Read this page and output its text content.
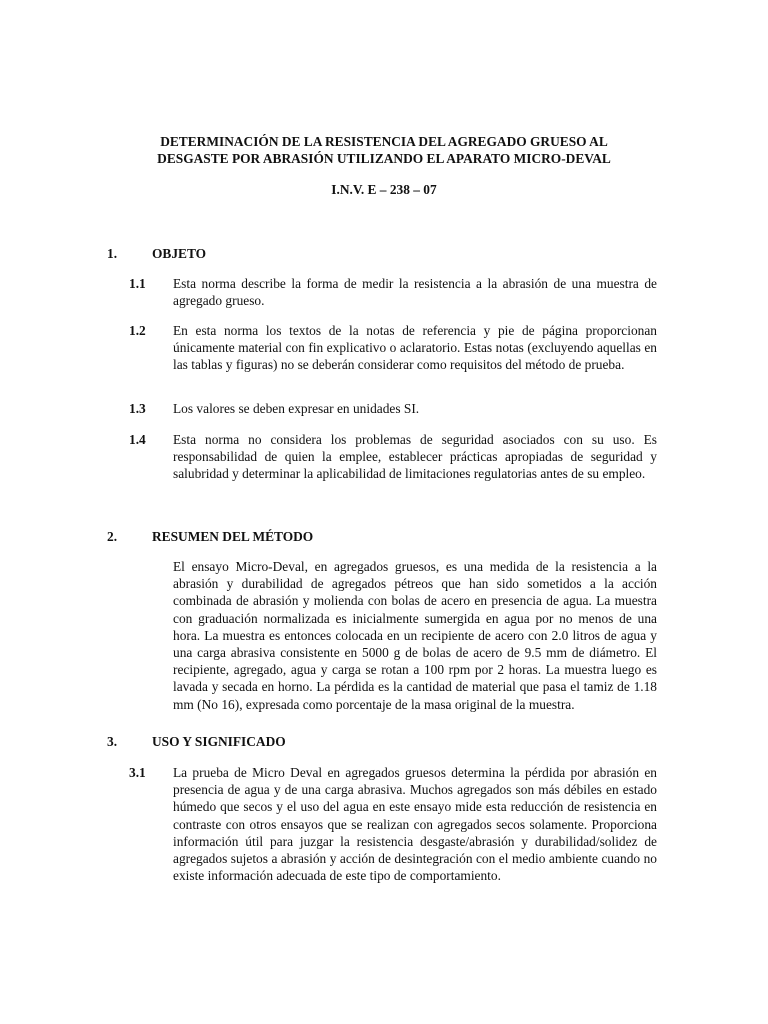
DETERMINACIÓN DE LA RESISTENCIA DEL AGREGADO GRUESO AL
DESGASTE POR ABRASIÓN UTILIZANDO EL APARATO MICRO-DEVAL
I.N.V. E – 238 – 07
1.	OBJETO
1.1 Esta norma describe la forma de medir la resistencia a la abrasión de una muestra de agregado grueso.
1.2 En esta norma los textos de la notas de referencia y pie de página proporcionan únicamente material con fin explicativo o aclaratorio. Estas notas (excluyendo aquellas en las tablas y figuras) no se deberán considerar como requisitos del método de prueba.
1.3 Los valores se deben expresar en unidades SI.
1.4 Esta norma no considera los problemas de seguridad asociados con su uso. Es responsabilidad de quien la emplee, establecer prácticas apropiadas de seguridad y salubridad y determinar la aplicabilidad de limitaciones regulatorias antes de su empleo.
2.	RESUMEN DEL MÉTODO
El ensayo Micro-Deval, en agregados gruesos, es una medida de la resistencia a la abrasión y durabilidad de agregados pétreos que han sido sometidos a la acción combinada de abrasión y molienda con bolas de acero en presencia de agua. La muestra con graduación normalizada es inicialmente sumergida en agua por no menos de una hora. La muestra es entonces colocada en un recipiente de acero con 2.0 litros de agua y una carga abrasiva consistente en 5000 g de bolas de acero de 9.5 mm de diámetro. El recipiente, agregado, agua y carga se rotan a 100 rpm por 2 horas. La muestra luego es lavada y secada en horno. La pérdida es la cantidad de material que pasa el tamiz de 1.18 mm (No 16), expresada como porcentaje de la masa original de la muestra.
3.	USO Y SIGNIFICADO
3.1 La prueba de Micro Deval en agregados gruesos determina la pérdida por abrasión en presencia de agua y de una carga abrasiva. Muchos agregados son más débiles en estado húmedo que secos y el uso del agua en este ensayo mide esta reducción de resistencia en contraste con otros ensayos que se realizan con agregados secos solamente. Proporciona información útil para juzgar la resistencia desgaste/abrasión y durabilidad/solidez de agregados sujetos a abrasión y acción de desintegración con el medio ambiente cuando no existe información adecuada de este tipo de comportamiento.
